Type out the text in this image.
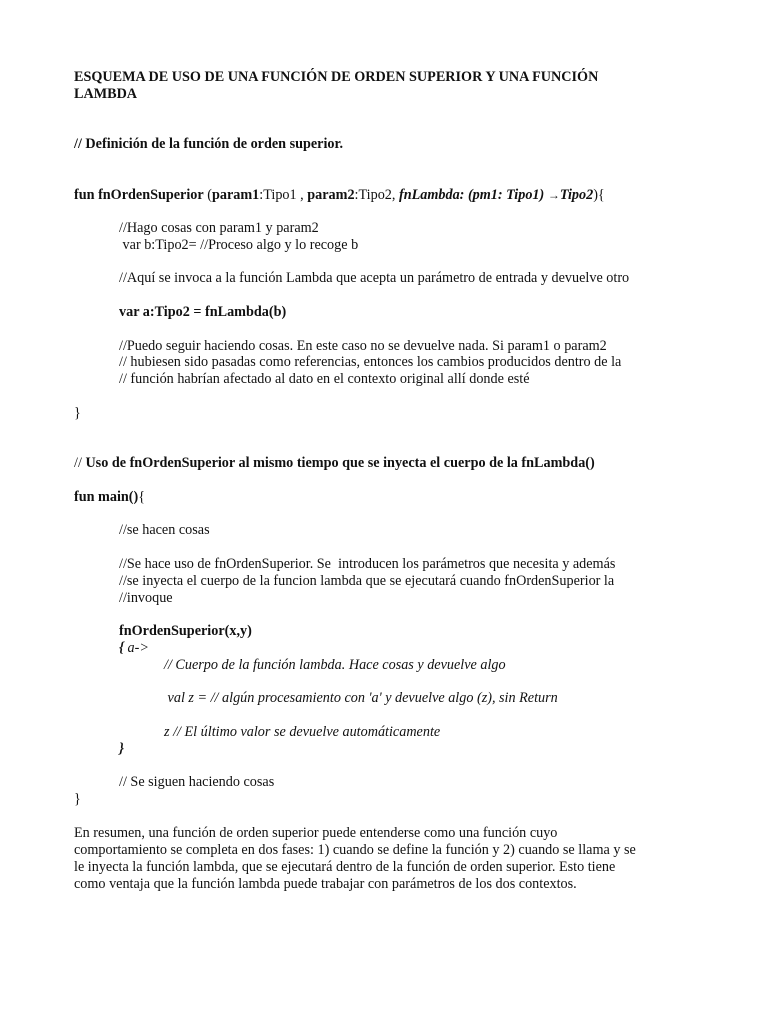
ESQUEMA DE USO DE UNA FUNCIÓN DE ORDEN SUPERIOR Y UNA FUNCIÓN
LAMBDA
// Definición de la función de orden superior.
fun fnOrdenSuperior (param1:Tipo1 , param2:Tipo2, fnLambda: (pm1: Tipo1) →Tipo2){
//Hago cosas con param1 y param2
var b:Tipo2= //Proceso algo y lo recoge b
//Aquí se invoca a la función Lambda que acepta un parámetro de entrada y devuelve otro
var a:Tipo2 = fnLambda(b)
//Puedo seguir haciendo cosas. En este caso no se devuelve nada. Si param1 o param2
// hubiesen sido pasadas como referencias, entonces los cambios producidos dentro de la
// función habrían afectado al dato en el contexto original allí donde esté
}
// Uso de fnOrdenSuperior al mismo tiempo que se inyecta el cuerpo de la fnLambda()
fun main(){
//se hacen cosas
//Se hace uso de fnOrdenSuperior. Se  introducen los parámetros que necesita y además
//se inyecta el cuerpo de la funcion lambda que se ejecutará cuando fnOrdenSuperior la
//invoque
fnOrdenSuperior(x,y)
{ a->
// Cuerpo de la función lambda. Hace cosas y devuelve algo
val z = // algún procesamiento con 'a' y devuelve algo (z), sin Return
z // El último valor se devuelve automáticamente
}
// Se siguen haciendo cosas
}
En resumen, una función de orden superior puede entenderse como una función cuyo
comportamiento se completa en dos fases: 1) cuando se define la función y 2) cuando se llama y se
le inyecta la función lambda, que se ejecutará dentro de la función de orden superior. Esto tiene
como ventaja que la función lambda puede trabajar con parámetros de los dos contextos.
